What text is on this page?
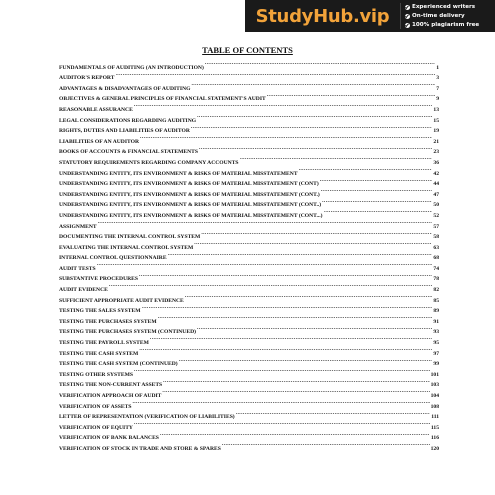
StudyHub.vip	Experienced writers
On-time delivery
100% plagiarism free
TABLE OF CONTENTS
FUNDAMENTALS OF AUDITING (AN INTRODUCTION) .....	1
AUDITOR'S REPORT .....	3
ADVANTAGES & DISADVANTAGES OF AUDITING .....	7
OBJECTIVES & GENERAL PRINCIPLES OF FINANCIAL STATEMENT'S AUDIT .....	9
REASONABLE ASSURANCE .....	13
LEGAL CONSIDERATIONS REGARDING AUDITING .....	15
RIGHTS, DUTIES AND LIABILITIES OF AUDITOR .....	19
LIABILITIES OF AN AUDITOR .....	21
BOOKS OF ACCOUNTS & FINANCIAL STATEMENTS .....	23
STATUTORY REQUIREMENTS REGARDING COMPANY ACCOUNTS .....	36
UNDERSTANDING ENTITY, ITS ENVIRONMENT & RISKS OF MATERIAL MISSTATEMENT .....	42
UNDERSTANDING ENTITY, ITS ENVIRONMENT & RISKS OF MATERIAL MISSTATEMENT (CONT) .....	44
UNDERSTANDING ENTITY, ITS ENVIRONMENT & RISKS OF MATERIAL MISSTATEMENT (CONT.) .....	47
UNDERSTANDING ENTITY, ITS ENVIRONMENT & RISKS OF MATERIAL MISSTATEMENT (CONT..) .....	50
UNDERSTANDING ENTITY, ITS ENVIRONMENT & RISKS OF MATERIAL MISSTATEMENT (CONT...) .....	52
ASSIGNMENT .....	57
DOCUMENTING THE INTERNAL CONTROL SYSTEM .....	58
EVALUATING THE INTERNAL CONTROL SYSTEM .....	63
INTERNAL CONTROL QUESTIONNAIRE .....	68
AUDIT TESTS .....	74
SUBSTANTIVE PROCEDURES .....	78
AUDIT EVIDENCE .....	82
SUFFICIENT APPROPRIATE AUDIT EVIDENCE .....	85
TESTING THE SALES SYSTEM .....	89
TESTING THE PURCHASES SYSTEM .....	91
TESTING THE PURCHASES SYSTEM (CONTINUED) .....	93
TESTING THE PAYROLL SYSTEM .....	95
TESTING THE CASH SYSTEM .....	97
TESTING THE CASH SYSTEM (CONTINUED) .....	99
TESTING OTHER SYSTEMS .....	101
TESTING THE NON-CURRENT ASSETS .....	103
VERIFICATION APPROACH OF AUDIT .....	104
VERIFICATION OF ASSETS .....	108
LETTER OF REPRESENTATION (VERIFICATION OF LIABILITIES) .....	111
VERIFICATION OF EQUITY .....	115
VERIFICATION OF BANK BALANCES .....	116
VERIFICATION OF STOCK IN TRADE AND STORE & SPARES .....	120
